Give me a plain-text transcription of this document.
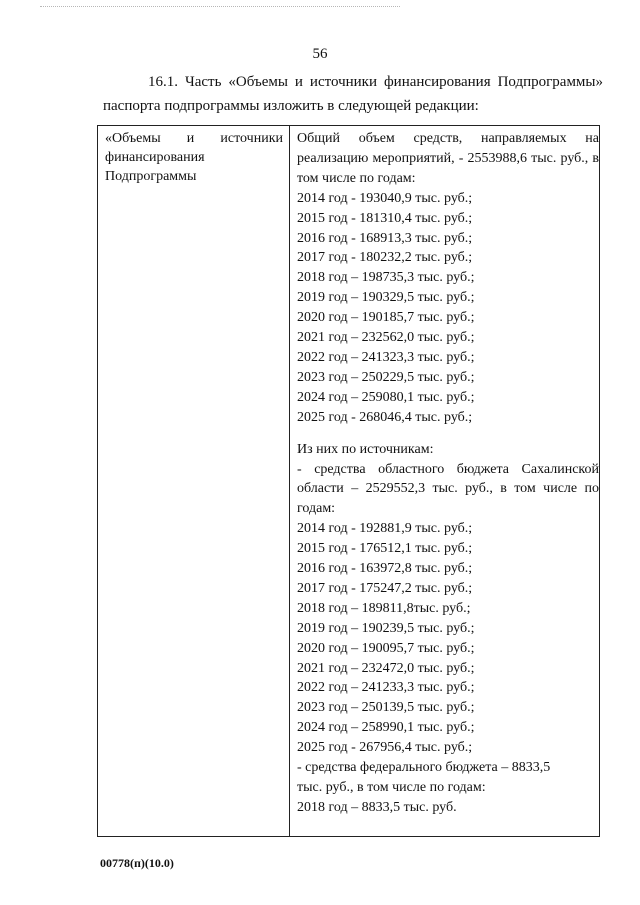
56
16.1. Часть «Объемы и источники финансирования Подпрограммы»
паспорта подпрограммы изложить в следующей редакции:
«Объемы и источники финансирования Подпрограммы

Общий объем средств, направляемых на реализацию мероприятий, - 2553988,6 тыс. руб., в том числе по годам:

2014 год - 193040,9 тыс. руб.;
2015 год - 181310,4 тыс. руб.;
2016 год - 168913,3 тыс. руб.;
2017 год - 180232,2 тыс. руб.;
2018 год – 198735,3 тыс. руб.;
2019 год – 190329,5 тыс. руб.;
2020 год – 190185,7 тыс. руб.;
2021 год – 232562,0 тыс. руб.;
2022 год – 241323,3 тыс. руб.;
2023 год – 250229,5 тыс. руб.;
2024 год – 259080,1 тыс. руб.;
2025 год - 268046,4 тыс. руб.;

Из них по источникам:

- средства областного бюджета Сахалинской области – 2529552,3 тыс. руб., в том числе по годам:

2014 год - 192881,9 тыс. руб.;
2015 год - 176512,1 тыс. руб.;
2016 год - 163972,8 тыс. руб.;
2017 год - 175247,2 тыс. руб.;
2018 год – 189811,8тыс. руб.;
2019 год – 190239,5 тыс. руб.;
2020 год – 190095,7 тыс. руб.;
2021 год – 232472,0 тыс. руб.;
2022 год – 241233,3 тыс. руб.;
2023 год – 250139,5 тыс. руб.;
2024 год – 258990,1 тыс. руб.;
2025 год - 267956,4 тыс. руб.;

- средства федерального бюджета – 8833,5

тыс. руб., в том числе по годам:

2018 год – 8833,5 тыс. руб.
00778(п)(10.0)
